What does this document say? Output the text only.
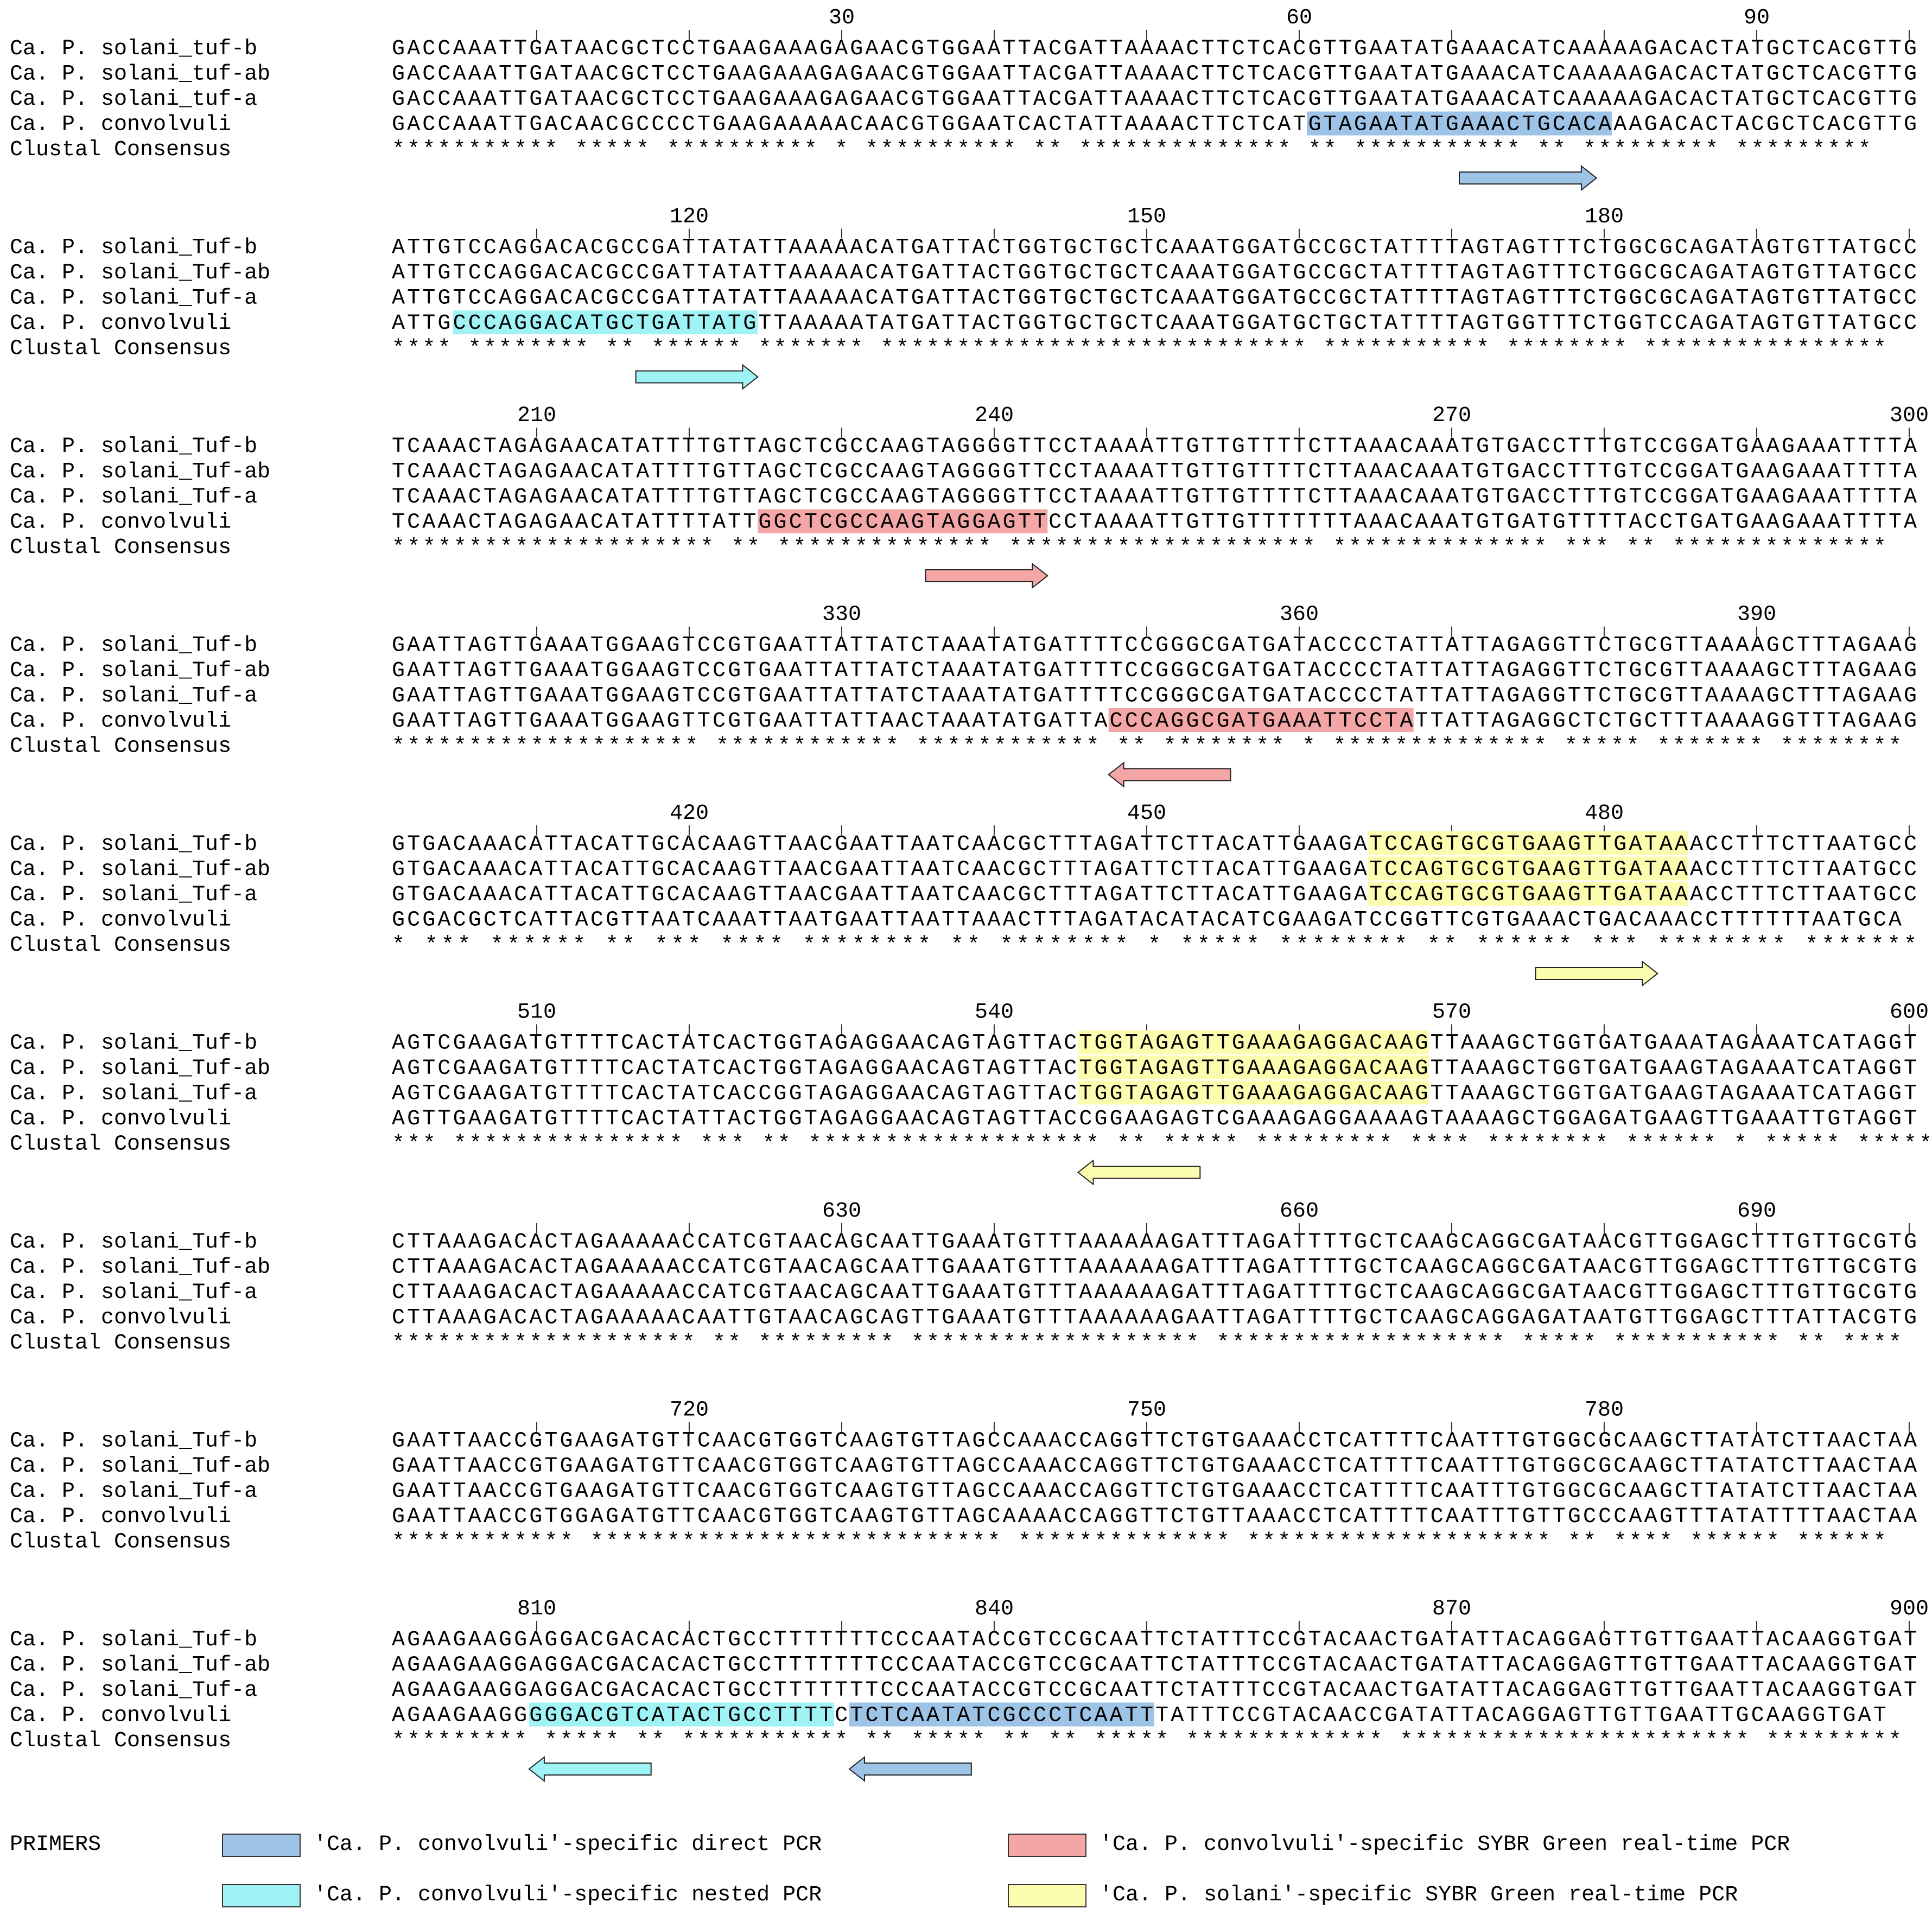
30	60	90
Ca. P. solani_tuf-b	GACCAAATTGATAACGCTCCTGAAGAAAGAGAACGTGGAATTACGATTAAAACTTCTCACGTTGAATATGAAACATCAAAAAGACACTATGCTCACGTTG
Ca. P. solani_tuf-ab	GACCAAATTGATAACGCTCCTGAAGAAAGAGAACGTGGAATTACGATTAAAACTTCTCACGTTGAATATGAAACATCAAAAAGACACTATGCTCACGTTG
Ca. P. solani_tuf-a	GACCAAATTGATAACGCTCCTGAAGAAAGAGAACGTGGAATTACGATTAAAACTTCTCACGTTGAATATGAAACATCAAAAAGACACTATGCTCACGTTG
Ca. P. convolvuli	GACCAAATTGACAACGCCCCTGAAGAAAAACAACGTGGAATCACTATTAAAACTTCTCATGTAGAATATGAAACTGCACAAAGACACTACGCTCACGTTG
Clustal Consensus	*********** ***** ********** * ********** ** ************** ** *********** ** ********* *********
120	150	180
Ca. P. solani_Tuf-b	ATTGTCCAGGACACGCCGATTATATTAAAAACATGATTACTGGTGCTGCTCAAATGGATGCCGCTATTTTAGTAGTTTCTGGCGCAGATAGTGTTATGCC
Ca. P. solani_Tuf-ab	ATTGTCCAGGACACGCCGATTATATTAAAAACATGATTACTGGTGCTGCTCAAATGGATGCCGCTATTTTAGTAGTTTCTGGCGCAGATAGTGTTATGCC
Ca. P. solani_Tuf-a	ATTGTCCAGGACACGCCGATTATATTAAAAACATGATTACTGGTGCTGCTCAAATGGATGCCGCTATTTTAGTAGTTTCTGGCGCAGATAGTGTTATGCC
Ca. P. convolvuli	ATTGCCCAGGACATGCTGATTATGTTAAAAATATGATTACTGGTGCTGCTCAAATGGATGCTGCTATTTTAGTGGTTTCTGGTCCAGATAGTGTTATGCC
Clustal Consensus	**** ******** ** ****** ******* **************************** *********** ******** ****************
210	240	270	300
Ca. P. solani_Tuf-b	TCAAACTAGAGAACATATTTTGTTAGCTCGCCAAGTAGGGGTTCCTAAAATTGTTGTTTTCTTAAACAAATGTGACCTTTGTCCGGATGAAGAAATTTTA
Ca. P. solani_Tuf-ab	TCAAACTAGAGAACATATTTTGTTAGCTCGCCAAGTAGGGGTTCCTAAAATTGTTGTTTTCTTAAACAAATGTGACCTTTGTCCGGATGAAGAAATTTTA
Ca. P. solani_Tuf-a	TCAAACTAGAGAACATATTTTGTTAGCTCGCCAAGTAGGGGTTCCTAAAATTGTTGTTTTCTTAAACAAATGTGACCTTTGTCCGGATGAAGAAATTTTA
Ca. P. convolvuli	TCAAACTAGAGAACATATTTTATTGGCTCGCCAAGTAGGAGTTCCTAAAATTGTTGTTTTTTTAAACAAATGTGATGTTTTACCTGATGAAGAAATTTTA
Clustal Consensus	********************* ** ************** ******************** ************** *** ** **************
330	360	390
Ca. P. solani_Tuf-b	GAATTAGTTGAAATGGAAGTCCGTGAATTATTATCTAAATATGATTTTCCGGGCGATGATACCCCTATTATTAGAGGTTCTGCGTTAAAAGCTTTAGAAG
Ca. P. solani_Tuf-ab	GAATTAGTTGAAATGGAAGTCCGTGAATTATTATCTAAATATGATTTTCCGGGCGATGATACCCCTATTATTAGAGGTTCTGCGTTAAAAGCTTTAGAAG
Ca. P. solani_Tuf-a	GAATTAGTTGAAATGGAAGTCCGTGAATTATTATCTAAATATGATTTTCCGGGCGATGATACCCCTATTATTAGAGGTTCTGCGTTAAAAGCTTTAGAAG
Ca. P. convolvuli	GAATTAGTTGAAATGGAAGTTCGTGAATTATTAACTAAATATGATTACCCAGGCGATGAAATTCCTATTATTAGAGGCTCTGCTTTAAAAGGTTTAGAAG
Clustal Consensus	******************** ************ ************ ** ******** * ************** ***** ******* ********
420	450	480
Ca. P. solani_Tuf-b	GTGACAAACATTACATTGCACAAGTTAACGAATTAATCAACGCTTTAGATTCTTACATTGAAGATCCAGTGCGTGAAGTTGATAAACCTTTCTTAATGCC
Ca. P. solani_Tuf-ab	GTGACAAACATTACATTGCACAAGTTAACGAATTAATCAACGCTTTAGATTCTTACATTGAAGATCCAGTGCGTGAAGTTGATAAACCTTTCTTAATGCC
Ca. P. solani_Tuf-a	GTGACAAACATTACATTGCACAAGTTAACGAATTAATCAACGCTTTAGATTCTTACATTGAAGATCCAGTGCGTGAAGTTGATAAACCTTTCTTAATGCC
Ca. P. convolvuli	GCGACGCTCATTACGTTAATCAAATTAATGAATTAATTAAACTTTAGATACATACATCGAAGATCCGGTTCGTGAAACTGACAAACCTTTTTTAATGCA
Clustal Consensus	* *** ****** ** *** **** ******** ** ******** * ***** ******** ** ****** *** ******** *******
510	540	570	600
Ca. P. solani_Tuf-b	AGTCGAAGATGTTTTCACTATCACTGGTAGAGGAACAGTAGTTACTGGTAGAGTTGAAAGAGGACAAGTTAAAGCTGGTGATGAAATAGAAATCATAGGT
Ca. P. solani_Tuf-ab	AGTCGAAGATGTTTTCACTATCACTGGTAGAGGAACAGTAGTTACTGGTAGAGTTGAAAGAGGACAAGTTAAAGCTGGTGATGAAGTAGAAATCATAGGT
Ca. P. solani_Tuf-a	AGTCGAAGATGTTTTCACTATCACCGGTAGAGGAACAGTAGTTACTGGTAGAGTTGAAAGAGGACAAGTTAAAGCTGGTGATGAAGTAGAAATCATAGGT
Ca. P. convolvuli	AGTTGAAGATGTTTTCACTATTACTGGTAGAGGAACAGTAGTTACCGGAAGAGTCGAAAGAGGAAAAGTAAAAGCTGGAGATGAAGTTGAAATTGTAGGT
Clustal Consensus	*** *************** *** ** ******************* ** ***** ********* **** ******** ****** * ***** *****
630	660	690
Ca. P. solani_Tuf-b	CTTAAAGACACTAGAAAAACCATCGTAACAGCAATTGAAATGTTTAAAAAAGATTTAGATTTTGCTCAAGCAGGCGATAACGTTGGAGCTTTGTTGCGTG
Ca. P. solani_Tuf-ab	CTTAAAGACACTAGAAAAACCATCGTAACAGCAATTGAAATGTTTAAAAAAGATTTAGATTTTGCTCAAGCAGGCGATAACGTTGGAGCTTTGTTGCGTG
Ca. P. solani_Tuf-a	CTTAAAGACACTAGAAAAACCATCGTAACAGCAATTGAAATGTTTAAAAAAGATTTAGATTTTGCTCAAGCAGGCGATAACGTTGGAGCTTTGTTGCGTG
Ca. P. convolvuli	CTTAAAGACACTAGAAAAACAATTGTAACAGCAGTTGAAATGTTTAAAAAAGAATTAGATTTTGCTCAAGCAGGAGATAATGTTGGAGCTTTATTACGTG
Clustal Consensus	******************** ** ********* ******************* ******************* ***** *********** ** ****
720	750	780
Ca. P. solani_Tuf-b	GAATTAACCGTGAAGATGTTCAACGTGGTCAAGTGTTAGCCAAACCAGGTTCTGTGAAACCTCATTTTCAATTTGTGGCGCAAGCTTATATCTTAACTAA
Ca. P. solani_Tuf-ab	GAATTAACCGTGAAGATGTTCAACGTGGTCAAGTGTTAGCCAAACCAGGTTCTGTGAAACCTCATTTTCAATTTGTGGCGCAAGCTTATATCTTAACTAA
Ca. P. solani_Tuf-a	GAATTAACCGTGAAGATGTTCAACGTGGTCAAGTGTTAGCCAAACCAGGTTCTGTGAAACCTCATTTTCAATTTGTGGCGCAAGCTTATATCTTAACTAA
Ca. P. convolvuli	GAATTAACCGTGGAGATGTTCAACGTGGTCAAGTGTTAGCAAAACCAGGTTCTGTTAAACCTCATTTTCAATTTGTTGCCCAAGTTTATATTTTAACTAA
Clustal Consensus	************ *************************** ************** ******************** ** **** ****** ******
810	840	870	900
Ca. P. solani_Tuf-b	AGAAGAAGGAGGACGACACACTGCCTTTTTTTCCCAATACCGTCCGCAATTCTATTTCCGTACAACTGATATTACAGGAGTTGTTGAATTACAAGGTGAT
Ca. P. solani_Tuf-ab	AGAAGAAGGAGGACGACACACTGCCTTTTTTTCCCAATACCGTCCGCAATTCTATTTCCGTACAACTGATATTACAGGAGTTGTTGAATTACAAGGTGAT
Ca. P. solani_Tuf-a	AGAAGAAGGAGGACGACACACTGCCTTTTTTTCCCAATACCGTCCGCAATTCTATTTCCGTACAACTGATATTACAGGAGTTGTTGAATTACAAGGTGAT
Ca. P. convolvuli	AGAAGAAGGGGGACGTCATACTGCCTTTTCTCTCAATATCGCCCTCAATTTATTTCCGTACAACCGATATTACAGGAGTTGTTGAATTGCAAGGTGAT
Clustal Consensus	********* ***** ** *********** ** ***** ** ** ***** ************* *********************** *********
PRIMERS	'Ca. P. convolvuli'-specific direct PCR	'Ca. P. convolvuli'-specific SYBR Green real-time PCR
'Ca. P. convolvuli'-specific nested PCR	'Ca. P. solani'-specific SYBR Green real-time PCR
